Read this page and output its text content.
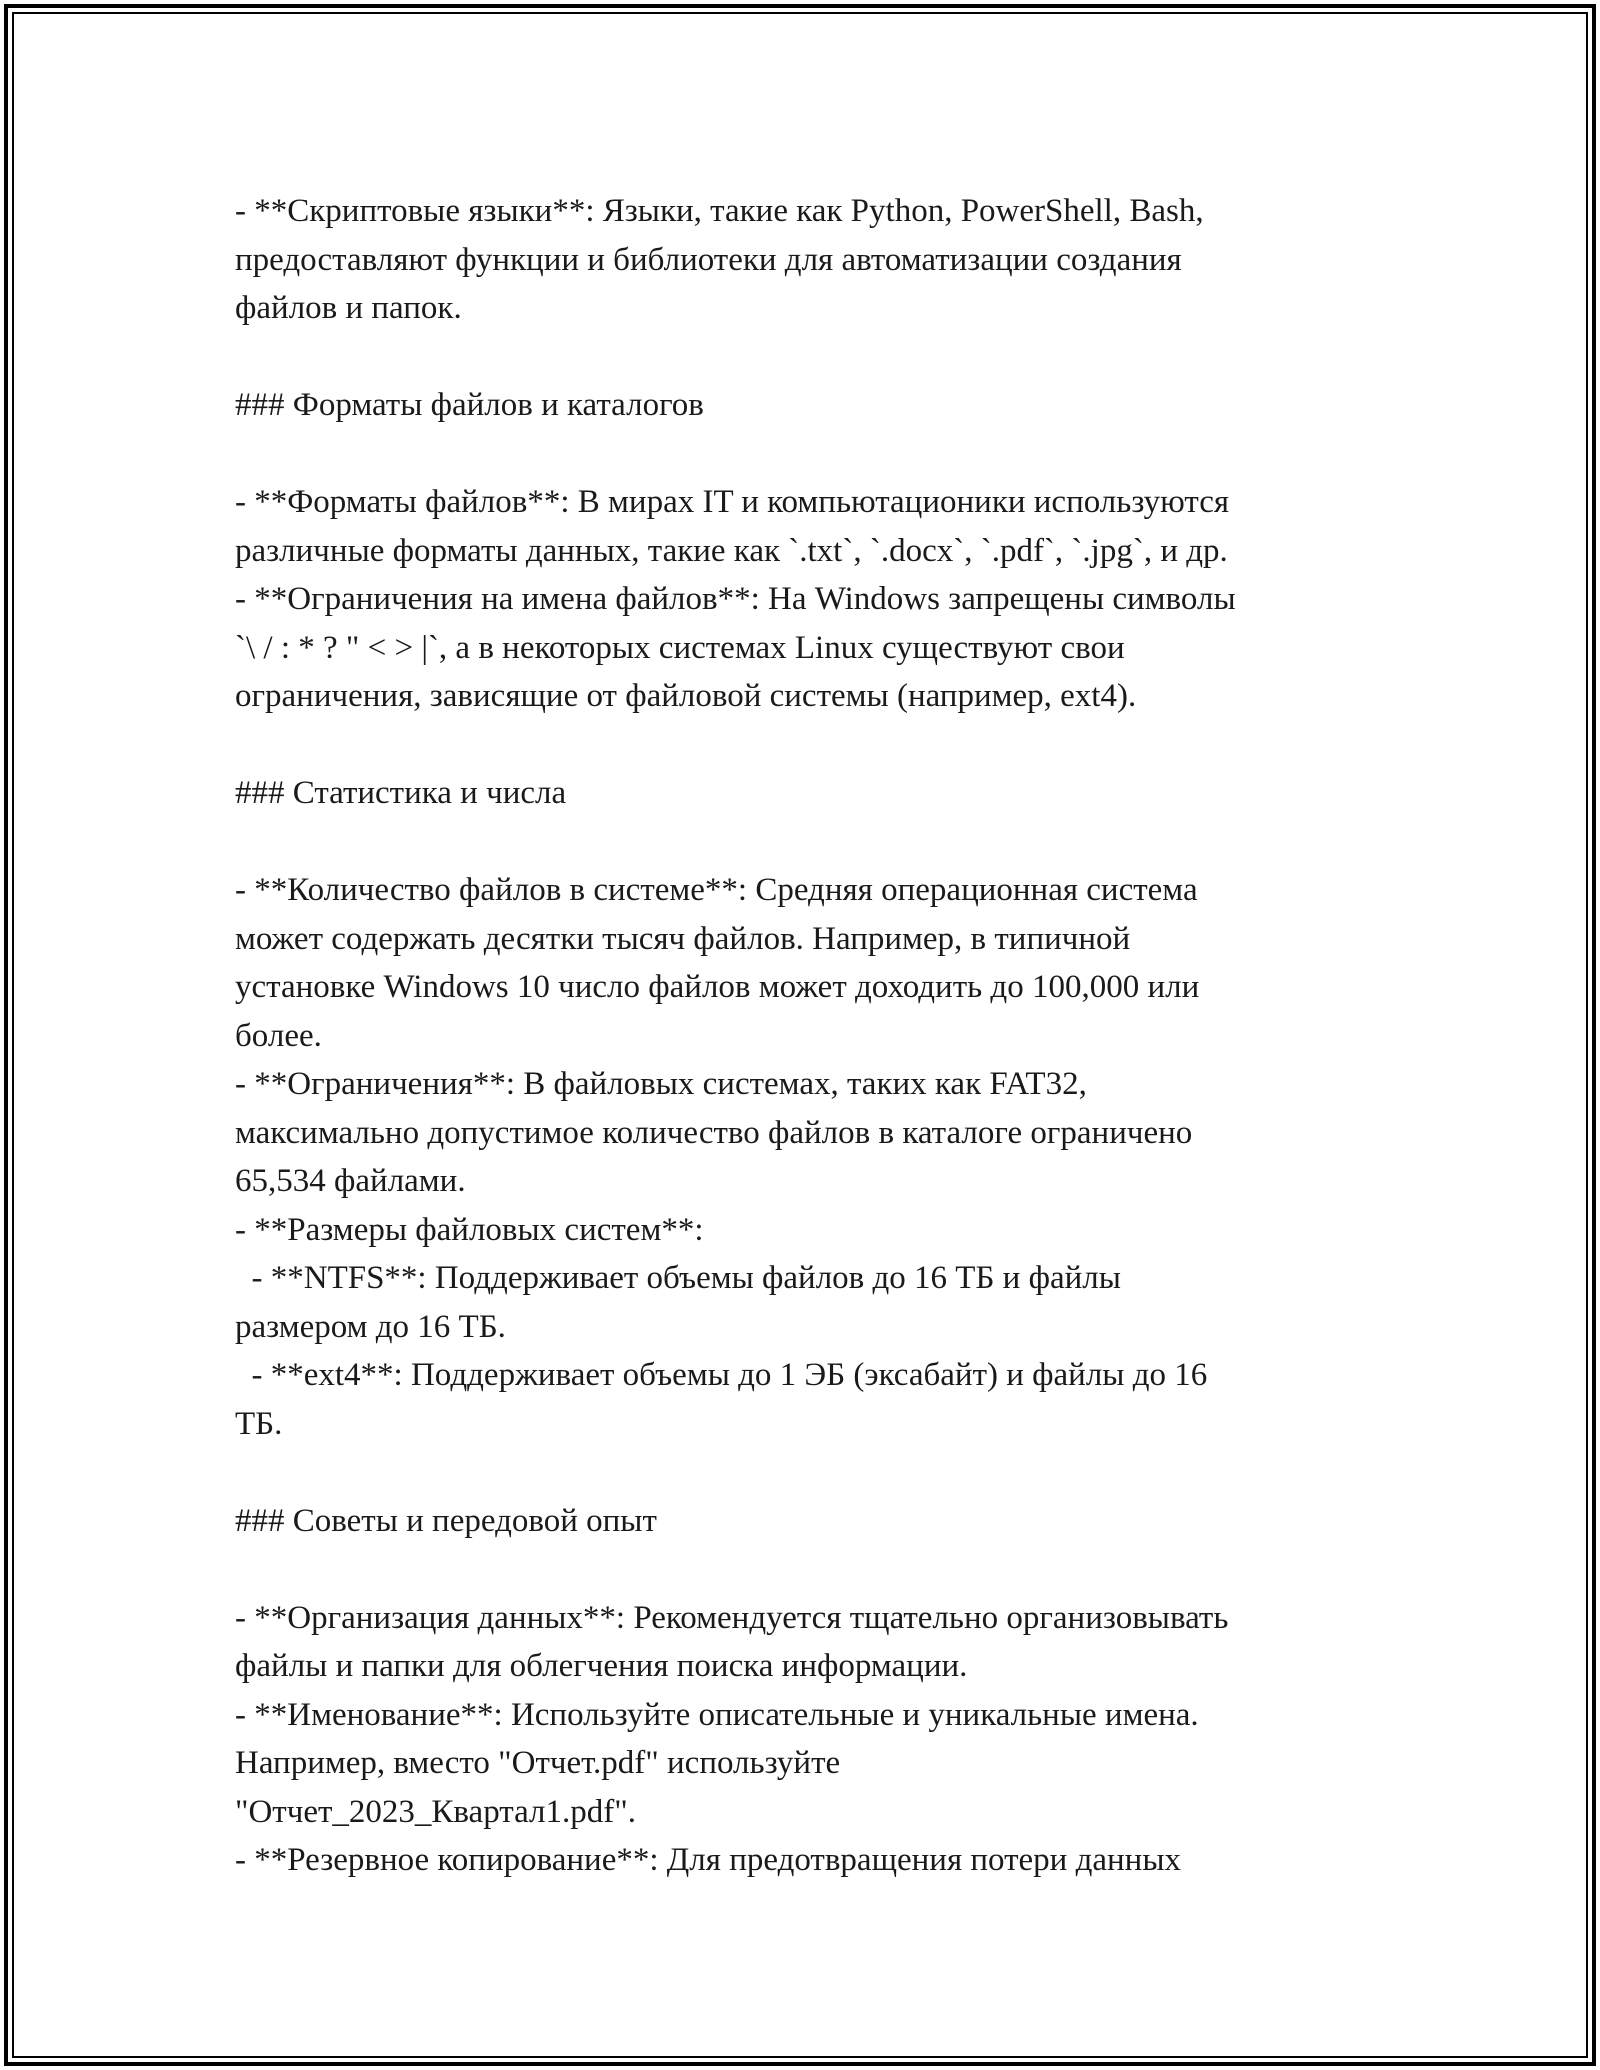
- **Скриптовые языки**: Языки, такие как Python, PowerShell, Bash,
предоставляют функции и библиотеки для автоматизации создания
файлов и папок.
### Форматы файлов и каталогов
- **Форматы файлов**: В мирах IT и компьютационики используются
различные форматы данных, такие как `.txt`, `.docx`, `.pdf`, `.jpg`, и др.
- **Ограничения на имена файлов**: На Windows запрещены символы
`\ / : * ? " < > |`, а в некоторых системах Linux существуют свои
ограничения, зависящие от файловой системы (например, ext4).
### Статистика и числа
- **Количество файлов в системе**: Средняя операционная система
может содержать десятки тысяч файлов. Например, в типичной
установке Windows 10 число файлов может доходить до 100,000 или
более.
- **Ограничения**: В файловых системах, таких как FAT32,
максимально допустимое количество файлов в каталоге ограничено
65,534 файлами.
- **Размеры файловых систем**:
- **NTFS**: Поддерживает объемы файлов до 16 ТБ и файлы
размером до 16 ТБ.
- **ext4**: Поддерживает объемы до 1 ЭБ (эксабайт) и файлы до 16
ТБ.
### Советы и передовой опыт
- **Организация данных**: Рекомендуется тщательно организовывать
файлы и папки для облегчения поиска информации.
- **Именование**: Используйте описательные и уникальные имена.
Например, вместо "Отчет.pdf" используйте
"Отчет_2023_Квартал1.pdf".
- **Резервное копирование**: Для предотвращения потери данных
